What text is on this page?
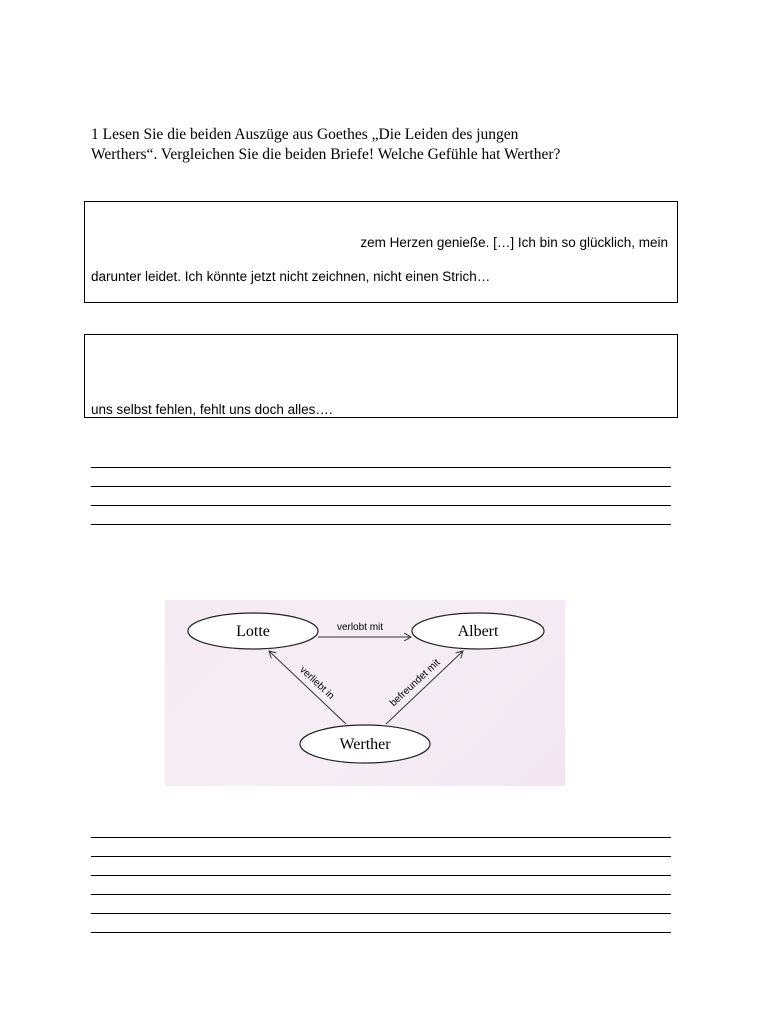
1 Lesen Sie die beiden Auszüge aus Goethes „Die Leiden des jungen
Werthers“. Vergleichen Sie die beiden Briefe! Welche Gefühle hat Werther?
zem Herzen genieße. […] Ich bin so glücklich, mein
darunter leidet. Ich könnte jetzt nicht zeichnen, nicht einen Strich…
uns selbst fehlen, fehlt uns doch alles….
Lotte	Albert
Werther
verlobt mit
verliebt in	befreundet mit
